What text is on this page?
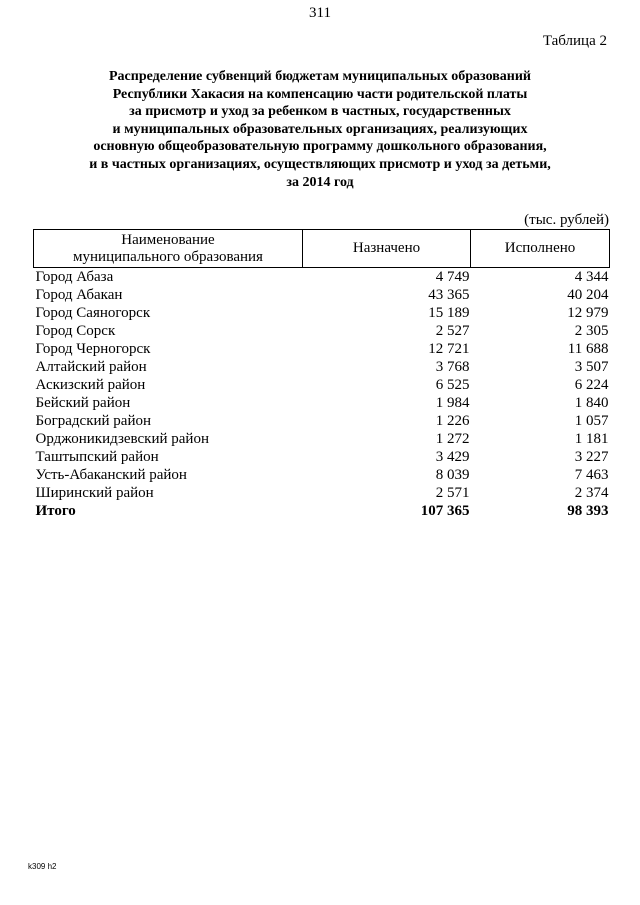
311
Таблица 2
Распределение субвенций бюджетам муниципальных образований
Республики Хакасия на компенсацию части родительской платы
за присмотр и уход за ребенком в частных, государственных
и муниципальных образовательных организациях, реализующих
основную общеобразовательную программу дошкольного образования,
и в частных организациях, осуществляющих присмотр и уход за детьми,
за 2014 год
(тыс. рублей)
Наименование
муниципального образования	Назначено	Исполнено
Город Абаза	4 749	4 344
Город Абакан	43 365	40 204
Город Саяногорск	15 189	12 979
Город Сорск	2 527	2 305
Город Черногорск	12 721	11 688
Алтайский район	3 768	3 507
Аскизский район	6 525	6 224
Бейский район	1 984	1 840
Боградский район	1 226	1 057
Орджоникидзевский район	1 272	1 181
Таштыпский район	3 429	3 227
Усть-Абаканский район	8 039	7 463
Ширинский район	2 571	2 374
Итого	107 365	98 393
k309 h2
